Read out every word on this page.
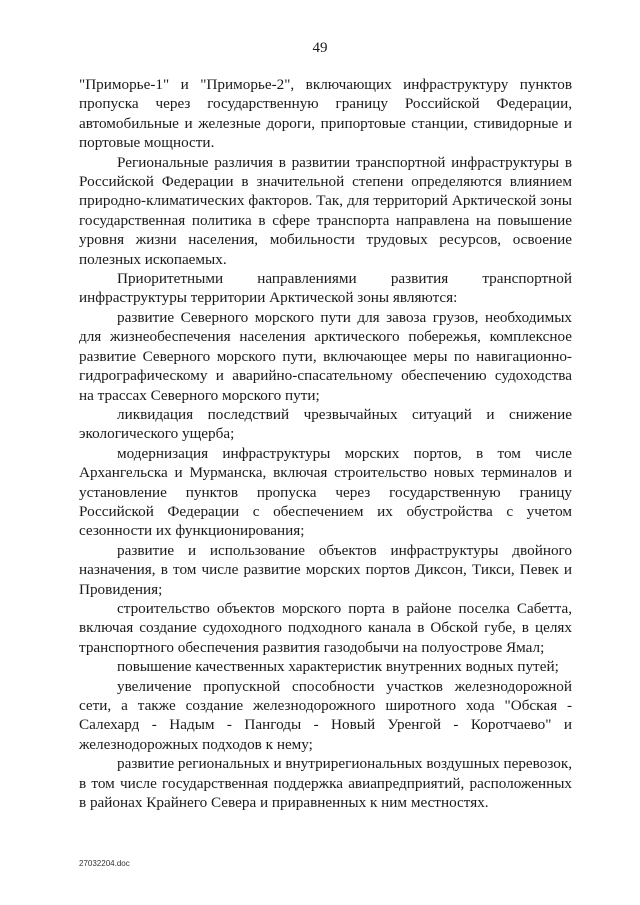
49

"Приморье-1" и "Приморье-2", включающих инфраструктуру пунктов пропуска через государственную границу Российской Федерации, автомобильные и железные дороги, припортовые станции, стивидорные и портовые мощности.

Региональные различия в развитии транспортной инфраструктуры в Российской Федерации в значительной степени определяются влиянием природно-климатических факторов. Так, для территорий Арктической зоны государственная политика в сфере транспорта направлена на повышение уровня жизни населения, мобильности трудовых ресурсов, освоение полезных ископаемых.

Приоритетными направлениями развития транспортной инфраструктуры территории Арктической зоны являются:

развитие Северного морского пути для завоза грузов, необходимых для жизнеобеспечения населения арктического побережья, комплексное развитие Северного морского пути, включающее меры по навигационно-гидрографическому и аварийно-спасательному обеспечению судоходства на трассах Северного морского пути;

ликвидация последствий чрезвычайных ситуаций и снижение экологического ущерба;

модернизация инфраструктуры морских портов, в том числе Архангельска и Мурманска, включая строительство новых терминалов и установление пунктов пропуска через государственную границу Российской Федерации с обеспечением их обустройства с учетом сезонности их функционирования;

развитие и использование объектов инфраструктуры двойного назначения, в том числе развитие морских портов Диксон, Тикси, Певек и Провидения;

строительство объектов морского порта в районе поселка Сабетта, включая создание судоходного подходного канала в Обской губе, в целях транспортного обеспечения развития газодобычи на полуострове Ямал;

повышение качественных характеристик внутренних водных путей;

увеличение пропускной способности участков железнодорожной сети, а также создание железнодорожного широтного хода "Обская - Салехард - Надым - Пангоды - Новый Уренгой - Коротчаево" и железнодорожных подходов к нему;

развитие региональных и внутрирегиональных воздушных перевозок, в том числе государственная поддержка авиапредприятий, расположенных в районах Крайнего Севера и приравненных к ним местностях.

27032204.doc
